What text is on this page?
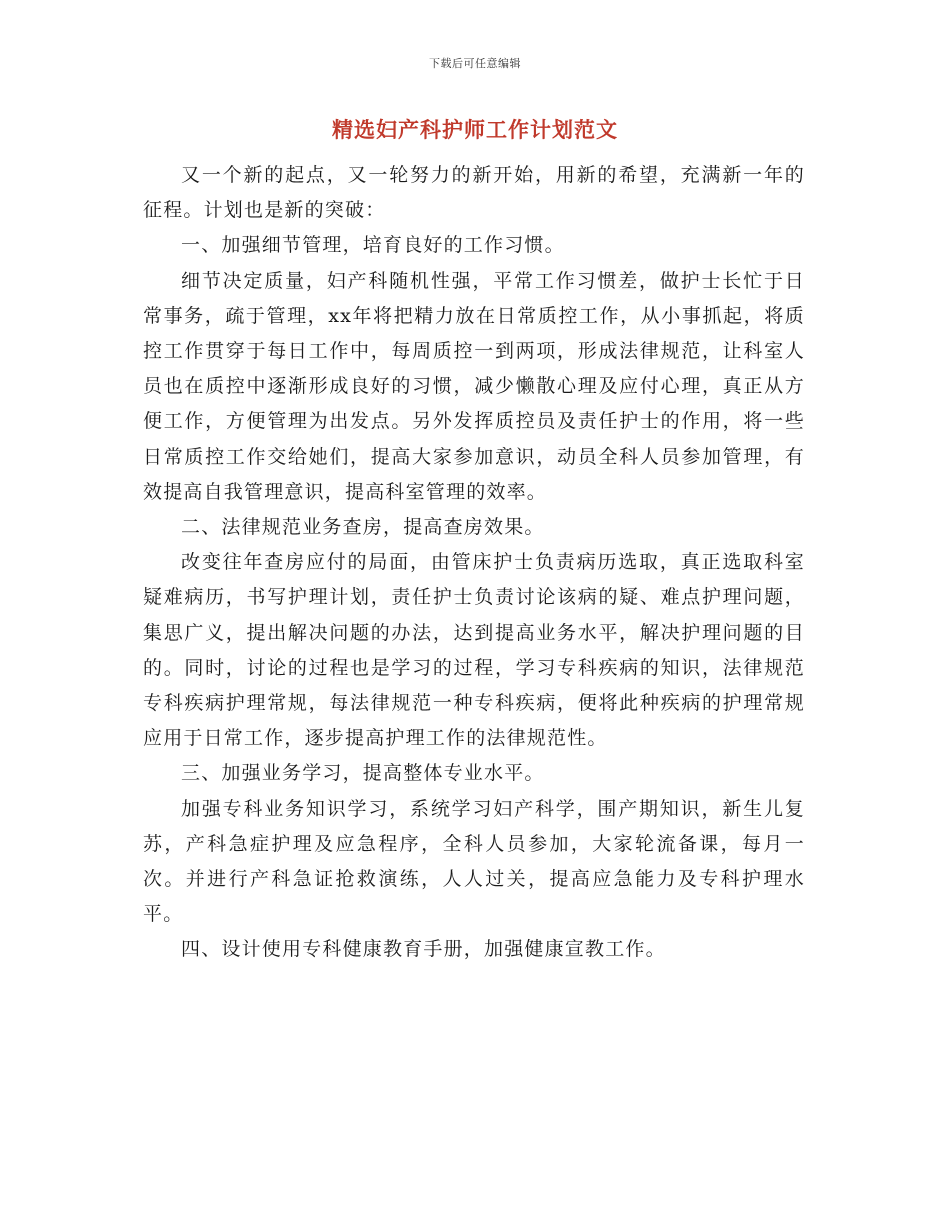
下载后可任意编辑
精选妇产科护师工作计划范文

又一个新的起点，又一轮努力的新开始，用新的希望，充满新一年的征程。计划也是新的突破：

一、加强细节管理，培育良好的工作习惯。

细节决定质量，妇产科随机性强，平常工作习惯差，做护士长忙于日常事务，疏于管理，xx年将把精力放在日常质控工作，从小事抓起，将质控工作贯穿于每日工作中，每周质控一到两项，形成法律规范，让科室人员也在质控中逐渐形成良好的习惯，减少懒散心理及应付心理，真正从方便工作，方便管理为出发点。另外发挥质控员及责任护士的作用，将一些日常质控工作交给她们，提高大家参加意识，动员全科人员参加管理，有效提高自我管理意识，提高科室管理的效率。

二、法律规范业务查房，提高查房效果。

改变往年查房应付的局面，由管床护士负责病历选取，真正选取科室疑难病历，书写护理计划，责任护士负责讨论该病的疑、难点护理问题，集思广义，提出解决问题的办法，达到提高业务水平，解决护理问题的目的。同时，讨论的过程也是学习的过程，学习专科疾病的知识，法律规范专科疾病护理常规，每法律规范一种专科疾病，便将此种疾病的护理常规应用于日常工作，逐步提高护理工作的法律规范性。

三、加强业务学习，提高整体专业水平。

加强专科业务知识学习，系统学习妇产科学，围产期知识，新生儿复苏，产科急症护理及应急程序，全科人员参加，大家轮流备课，每月一次。并进行产科急证抢救演练，人人过关，提高应急能力及专科护理水平。

四、设计使用专科健康教育手册，加强健康宣教工作。
